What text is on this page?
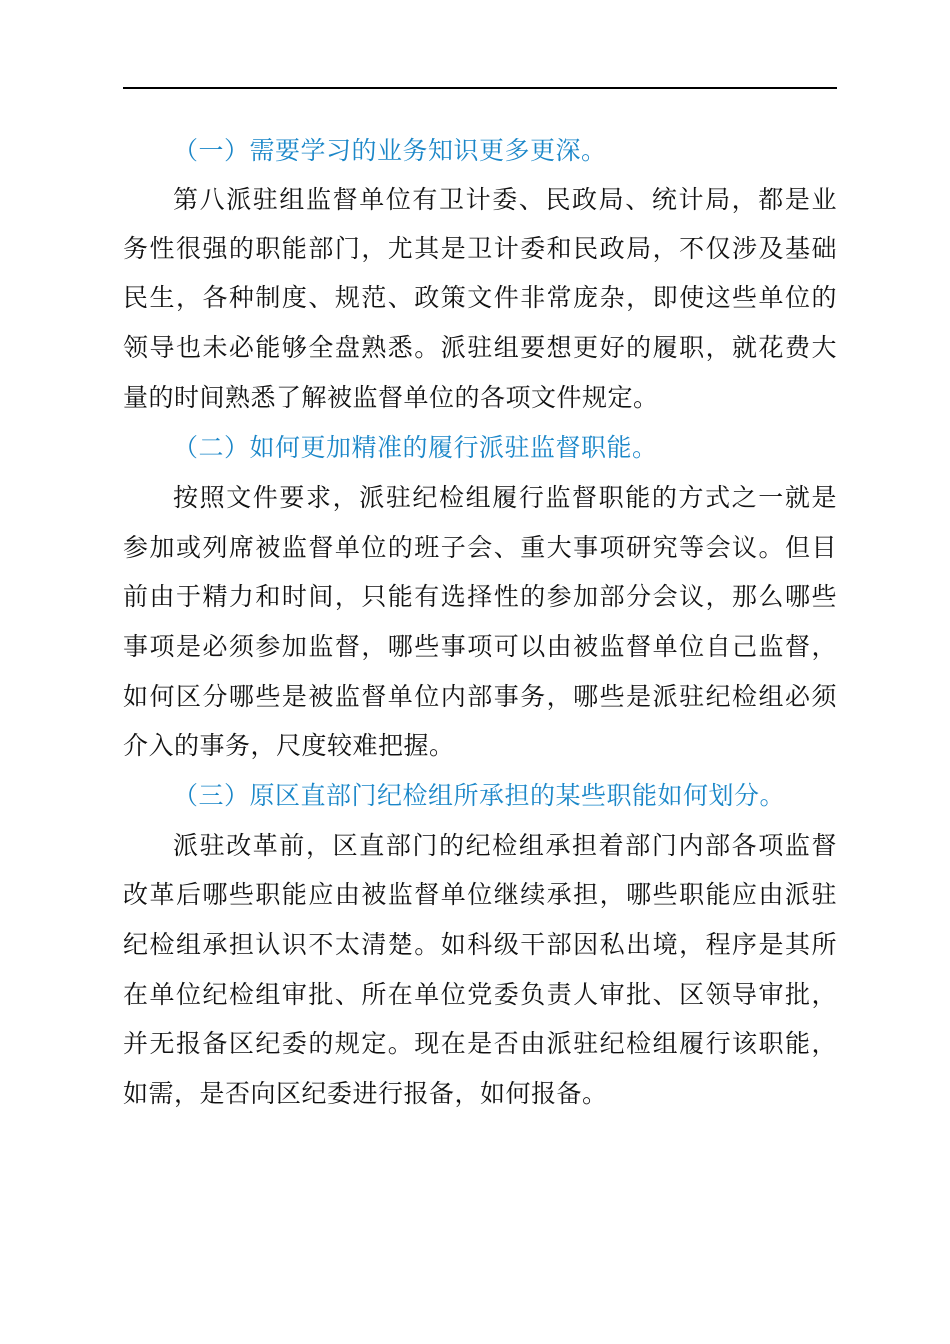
（一）需要学习的业务知识更多更深。
第八派驻组监督单位有卫计委、民政局、统计局，都是业
务性很强的职能部门，尤其是卫计委和民政局，不仅涉及基础
民生，各种制度、规范、政策文件非常庞杂，即使这些单位的
领导也未必能够全盘熟悉。派驻组要想更好的履职，就花费大
量的时间熟悉了解被监督单位的各项文件规定。
（二）如何更加精准的履行派驻监督职能。
按照文件要求，派驻纪检组履行监督职能的方式之一就是
参加或列席被监督单位的班子会、重大事项研究等会议。但目
前由于精力和时间，只能有选择性的参加部分会议，那么哪些
事项是必须参加监督，哪些事项可以由被监督单位自己监督，
如何区分哪些是被监督单位内部事务，哪些是派驻纪检组必须
介入的事务，尺度较难把握。
（三）原区直部门纪检组所承担的某些职能如何划分。
派驻改革前，区直部门的纪检组承担着部门内部各项监督
改革后哪些职能应由被监督单位继续承担，哪些职能应由派驻
纪检组承担认识不太清楚。如科级干部因私出境，程序是其所
在单位纪检组审批、所在单位党委负责人审批、区领导审批，
并无报备区纪委的规定。现在是否由派驻纪检组履行该职能，
如需，是否向区纪委进行报备，如何报备。
